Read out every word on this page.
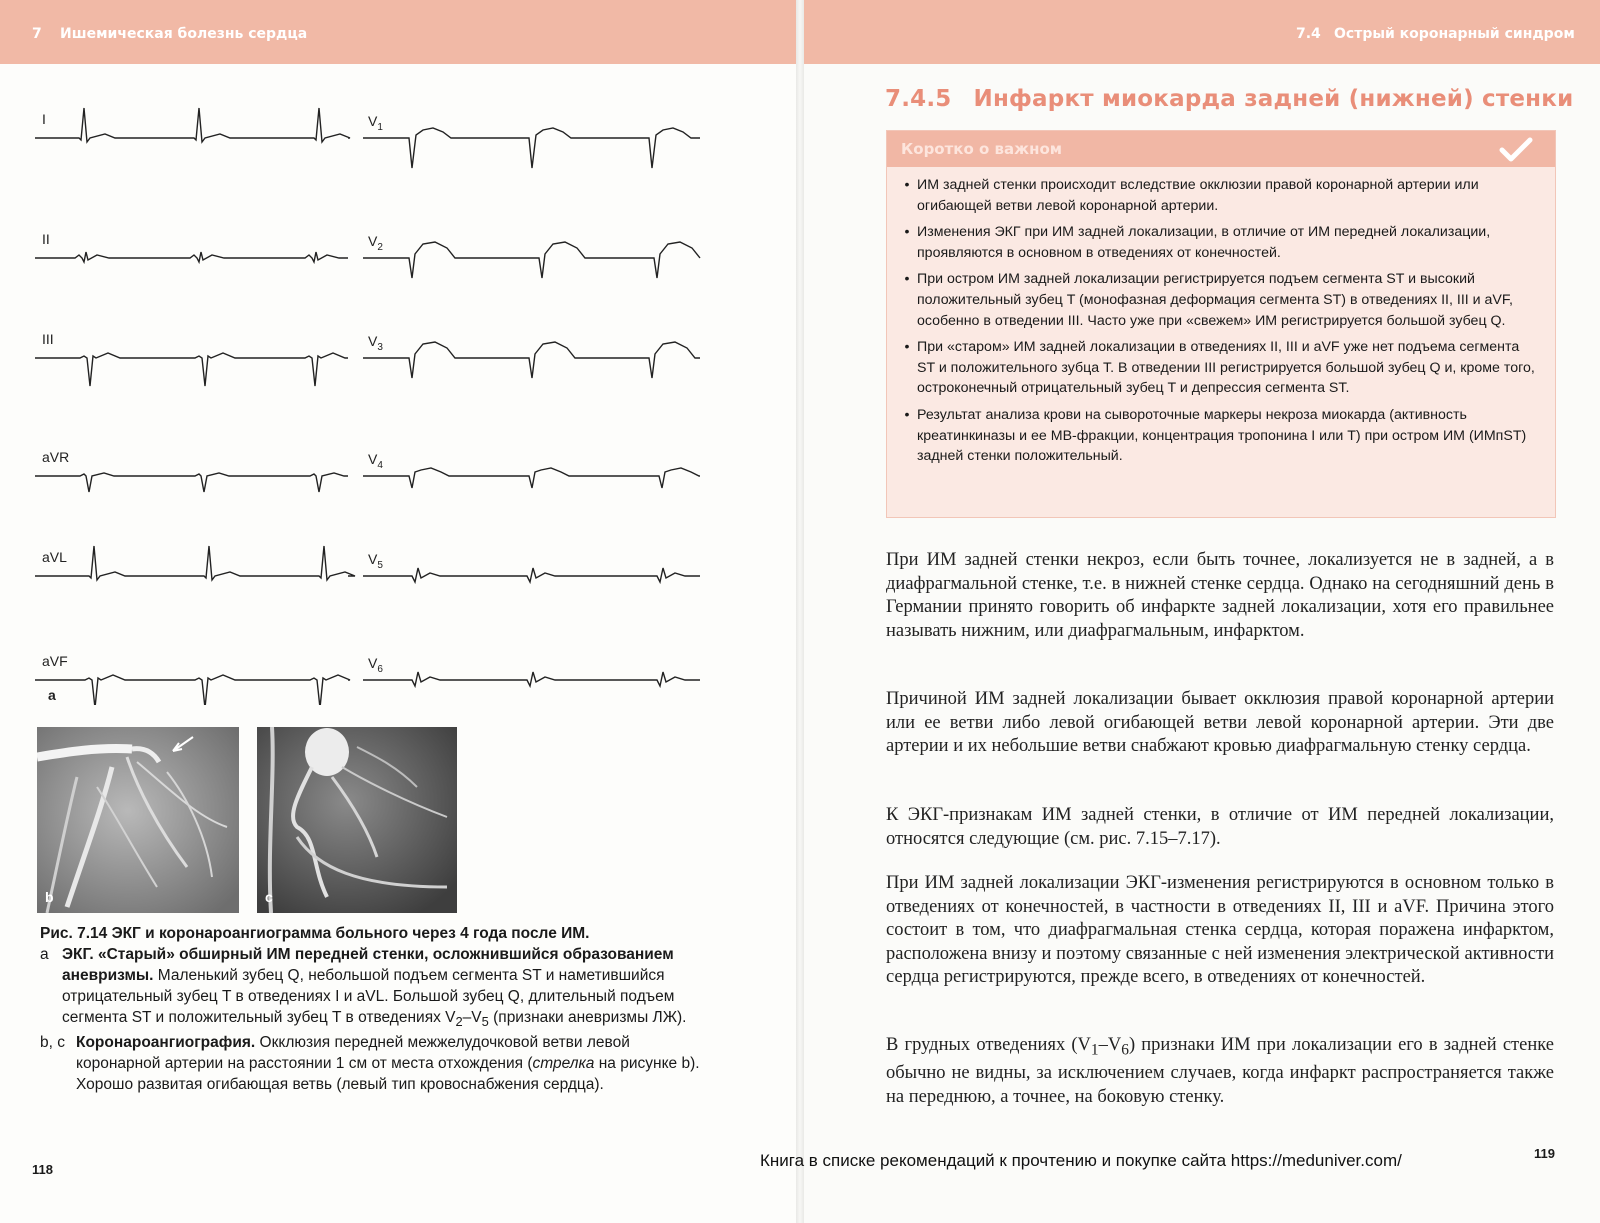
7 Ишемическая болезнь сердца	7.4 Острый коронарный синдром
I	$V_1$
II	$V_2$
III	$V_3$
aVR	$V_4$
aVL	$V_5$
aVF	$V_6$
a
b	c
Рис. 7.14 ЭКГ и коронароангиограмма больного через 4 года после ИМ.
a ЭКГ. «Старый» обширный ИМ передней стенки, осложнившийся образованием аневризмы. Маленький зубец Q, небольшой подъем сегмента ST и наметившийся отрицательный зубец T в отведениях I и aVL. Большой зубец Q, длительный подъем сегмента ST и положительный зубец T в отведениях $V_2-V_5$ (признаки аневризмы ЛЖ).
b, c Коронароангиография. Окклюзия передней межжелудочковой ветви левой коронарной артерии на расстоянии 1 см от места отхождения (стрелка на рисунке b). Хорошо развитая огибающая ветвь (левый тип кровоснабжения сердца).
118
119
Книга в списке рекомендаций к прочтению и покупке сайта https://meduniver.com/
7.4.5 Инфаркт миокарда задней (нижней) стенки
Коротко о важном
• ИМ задней стенки происходит вследствие окклюзии правой коронарной артерии или огибающей ветви левой коронарной артерии.
• Изменения ЭКГ при ИМ задней локализации, в отличие от ИМ передней локализации, проявляются в основном в отведениях от конечностей.
• При остром ИМ задней локализации регистрируется подъем сегмента ST и высокий положительный зубец T (монофазная деформация сегмента ST) в отведениях II, III и aVF, особенно в отведении III. Часто уже при «свежем» ИМ регистрируется большой зубец Q.
• При «старом» ИМ задней локализации в отведениях II, III и aVF уже нет подъема сегмента ST и положительного зубца T. В отведении III регистрируется большой зубец Q и, кроме того, остроконечный отрицательный зубец T и депрессия сегмента ST.
• Результат анализа крови на сывороточные маркеры некроза миокарда (активность креатинкиназы и ее MB-фракции, концентрация тропонина I или T) при остром ИМ (ИМпST) задней стенки положительный.

При ИМ задней стенки некроз, если быть точнее, локализуется не в задней, а в диафрагмальной стенке, т.е. в нижней стенке сердца. Однако на сегодняшний день в Германии принято говорить об инфаркте задней локализации, хотя его правильнее называть нижним, или диафрагмальным, инфарктом.

Причиной ИМ задней локализации бывает окклюзия правой коронарной артерии или ее ветви либо левой огибающей ветви левой коронарной артерии. Эти две артерии и их небольшие ветви снабжают кровью диафрагмальную стенку сердца.

К ЭКГ-признакам ИМ задней стенки, в отличие от ИМ передней локализации, относятся следующие (см. рис. 7.15–7.17).

При ИМ задней локализации ЭКГ-изменения регистрируются в основном только в отведениях от конечностей, в частности в отведениях II, III и aVF. Причина этого состоит в том, что диафрагмальная стенка сердца, которая поражена инфарктом, расположена внизу и поэтому связанные с ней изменения электрической активности сердца регистрируются, прежде всего, в отведениях от конечностей.

В грудных отведениях $(V_1-V_6)$ признаки ИМ при локализации его в задней стенке обычно не видны, за исключением случаев, когда инфаркт распространяется также на переднюю, а точнее, на боковую стенку.
